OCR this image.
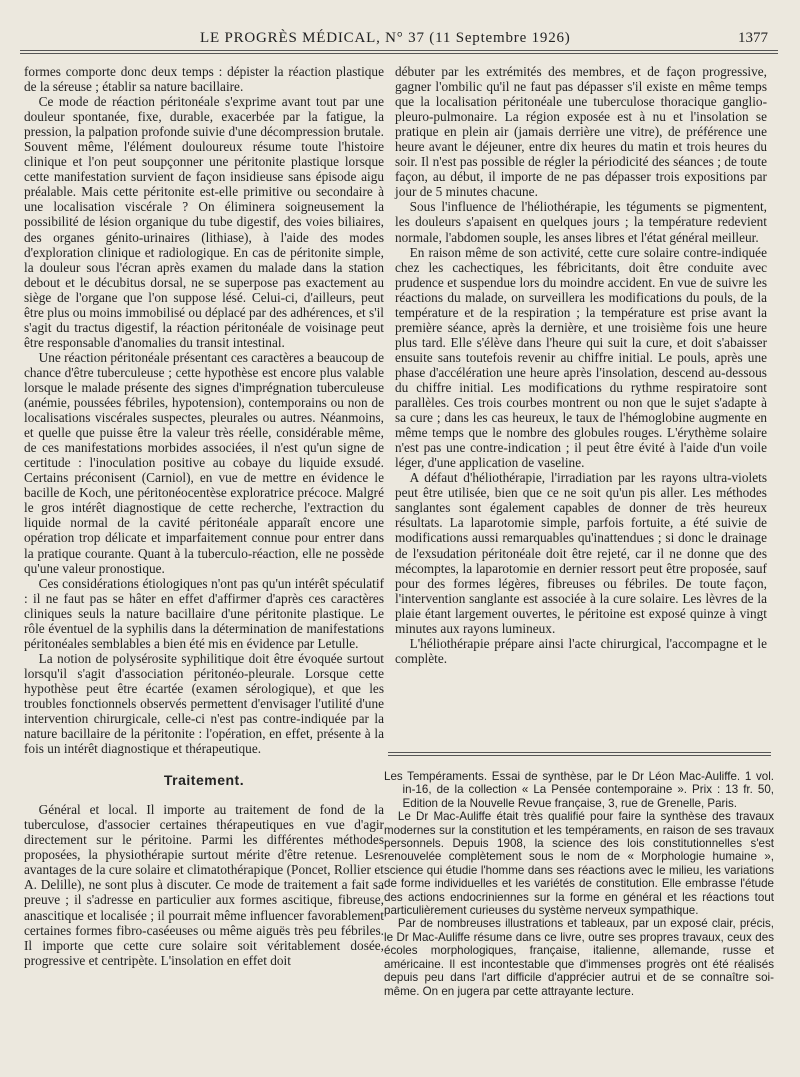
LE PROGRÈS MÉDICAL, N° 37 (11 Septembre 1926)	1377

formes comporte donc deux temps : dépister la réaction plastique de la séreuse ; établir sa nature bacillaire.

Ce mode de réaction péritonéale s'exprime avant tout par une douleur spontanée, fixe, durable, exacerbée par la fatigue, la pression, la palpation profonde suivie d'une décompression brutale. Souvent même, l'élément douloureux résume toute l'histoire clinique et l'on peut soupçonner une péritonite plastique lorsque cette manifestation survient de façon insidieuse sans épisode aigu préalable. Mais cette péritonite est-elle primitive ou secondaire à une localisation viscérale ? On éliminera soigneusement la possibilité de lésion organique du tube digestif, des voies biliaires, des organes génito-urinaires (lithiase), à l'aide des modes d'exploration clinique et radiologique. En cas de péritonite simple, la douleur sous l'écran après examen du malade dans la station debout et le décubitus dorsal, ne se superpose pas exactement au siège de l'organe que l'on suppose lésé. Celui-ci, d'ailleurs, peut être plus ou moins immobilisé ou déplacé par des adhérences, et s'il s'agit du tractus digestif, la réaction péritonéale de voisinage peut être responsable d'anomalies du transit intestinal.

Une réaction péritonéale présentant ces caractères a beaucoup de chance d'être tuberculeuse ; cette hypothèse est encore plus valable lorsque le malade présente des signes d'imprégnation tuberculeuse (anémie, poussées fébriles, hypotension), contemporains ou non de localisations viscérales suspectes, pleurales ou autres. Néanmoins, et quelle que puisse être la valeur très réelle, considérable même, de ces manifestations morbides associées, il n'est qu'un signe de certitude : l'inoculation positive au cobaye du liquide exsudé. Certains préconisent (Carniol), en vue de mettre en évidence le bacille de Koch, une péritonéocentèse exploratrice précoce. Malgré le gros intérêt diagnostique de cette recherche, l'extraction du liquide normal de la cavité péritonéale apparaît encore une opération trop délicate et imparfaitement connue pour entrer dans la pratique courante. Quant à la tuberculo-réaction, elle ne possède qu'une valeur pronostique.

Ces considérations étiologiques n'ont pas qu'un intérêt spéculatif : il ne faut pas se hâter en effet d'affirmer d'après ces caractères cliniques seuls la nature bacillaire d'une péritonite plastique. Le rôle éventuel de la syphilis dans la détermination de manifestations péritonéales semblables a bien été mis en évidence par Letulle.

La notion de polysérosite syphilitique doit être évoquée surtout lorsqu'il s'agit d'association péritonéo-pleurale. Lorsque cette hypothèse peut être écartée (examen sérologique), et que les troubles fonctionnels observés permettent d'envisager l'utilité d'une intervention chirurgicale, celle-ci n'est pas contre-indiquée par la nature bacillaire de la péritonite : l'opération, en effet, présente à la fois un intérêt diagnostique et thérapeutique.

Traitement.

Général et local. Il importe au traitement de fond de la tuberculose, d'associer certaines thérapeutiques en vue d'agir directement sur le péritoine. Parmi les différentes méthodes proposées, la physiothérapie surtout mérite d'être retenue. Les avantages de la cure solaire et climatothérapique (Poncet, Rollier et A. Delille), ne sont plus à discuter. Ce mode de traitement a fait sa preuve ; il s'adresse en particulier aux formes ascitique, fibreuse, anascitique et localisée ; il pourrait même influencer favorablement certaines formes fibro-caséeuses ou même aiguës très peu fébriles. Il importe que cette cure solaire soit véritablement dosée, progressive et centripète. L'insolation en effet doit

débuter par les extrémités des membres, et de façon progressive, gagner l'ombilic qu'il ne faut pas dépasser s'il existe en même temps que la localisation péritonéale une tuberculose thoracique ganglio-pleuro-pulmonaire. La région exposée est à nu et l'insolation se pratique en plein air (jamais derrière une vitre), de préférence une heure avant le déjeuner, entre dix heures du matin et trois heures du soir. Il n'est pas possible de régler la périodicité des séances ; de toute façon, au début, il importe de ne pas dépasser trois expositions par jour de 5 minutes chacune.

Sous l'influence de l'héliothérapie, les téguments se pigmentent, les douleurs s'apaisent en quelques jours ; la température redevient normale, l'abdomen souple, les anses libres et l'état général meilleur.

En raison même de son activité, cette cure solaire contre-indiquée chez les cachectiques, les fébricitants, doit être conduite avec prudence et suspendue lors du moindre accident. En vue de suivre les réactions du malade, on surveillera les modifications du pouls, de la température et de la respiration ; la température est prise avant la première séance, après la dernière, et une troisième fois une heure plus tard. Elle s'élève dans l'heure qui suit la cure, et doit s'abaisser ensuite sans toutefois revenir au chiffre initial. Le pouls, après une phase d'accélération une heure après l'insolation, descend au-dessous du chiffre initial. Les modifications du rythme respiratoire sont parallèles. Ces trois courbes montrent ou non que le sujet s'adapte à sa cure ; dans les cas heureux, le taux de l'hémoglobine augmente en même temps que le nombre des globules rouges. L'érythème solaire n'est pas une contre-indication ; il peut être évité à l'aide d'un voile léger, d'une application de vaseline.

A défaut d'héliothérapie, l'irradiation par les rayons ultra-violets peut être utilisée, bien que ce ne soit qu'un pis aller. Les méthodes sanglantes sont également capables de donner de très heureux résultats. La laparotomie simple, parfois fortuite, a été suivie de modifications aussi remarquables qu'inattendues ; si donc le drainage de l'exsudation péritonéale doit être rejeté, car il ne donne que des mécomptes, la laparotomie en dernier ressort peut être proposée, sauf pour des formes légères, fibreuses ou fébriles. De toute façon, l'intervention sanglante est associée à la cure solaire. Les lèvres de la plaie étant largement ouvertes, le péritoine est exposé quinze à vingt minutes aux rayons lumineux.

L'héliothérapie prépare ainsi l'acte chirurgical, l'accompagne et le complète.

Les Tempéraments. Essai de synthèse, par le Dr Léon Mac-Auliffe. 1 vol. in-16, de la collection « La Pensée contemporaine ». Prix : 13 fr. 50, Edition de la Nouvelle Revue française, 3, rue de Grenelle, Paris.

Le Dr Mac-Auliffe était très qualifié pour faire la synthèse des travaux modernes sur la constitution et les tempéraments, en raison de ses travaux personnels. Depuis 1908, la science des lois constitutionnelles s'est renouvelée complètement sous le nom de « Morphologie humaine », science qui étudie l'homme dans ses réactions avec le milieu, les variations de forme individuelles et les variétés de constitution. Elle embrasse l'étude des actions endocriniennes sur la forme en général et les réactions tout particulièrement curieuses du système nerveux sympathique.

Par de nombreuses illustrations et tableaux, par un exposé clair, précis, le Dr Mac-Auliffe résume dans ce livre, outre ses propres travaux, ceux des écoles morphologiques, française, italienne, allemande, russe et américaine. Il est incontestable que d'immenses progrès ont été réalisés depuis peu dans l'art difficile d'apprécier autrui et de se connaître soi-même. On en jugera par cette attrayante lecture.
